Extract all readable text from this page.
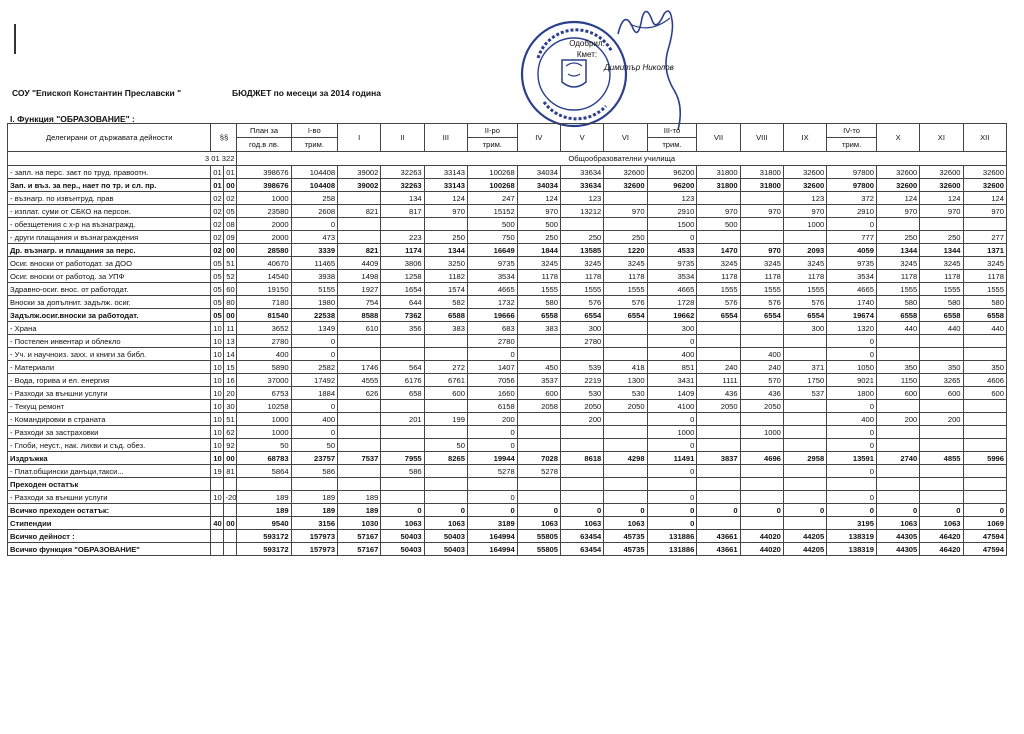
Одобрил:
Кмет:
Димитър Николов
СОУ "Епископ Константин Преславски "	БЮДЖЕТ по месеци за 2014 година
I. Функция "ОБРАЗОВАНИЕ" :
Делегирани от държавата дейности	§§		План за	I-во	I	II	III	II-ро	IV	V	VI	III-то	VII	VIII	IX	IV-то	X	XI	XII
			год.в лв.	трим.				трим.				трим.				трим.			
3 01 322			Общообразователни училища																
- запл. на перс. заєт по труд. правоотн.	01	01	398676	104408	39002	32263	33143	100268	34034	33634	32600	96200	31800	31800	32600	97800	32600	32600	32600
Зап. и въз. за пер., нает по тр. и сл. пр.	01	00	398676	104408	39002	32263	33143	100268	34034	33634	32600	96200	31800	31800	32600	97800	32600	32600	32600
- възнагр. по извънтруд. прав	02	02	1000	258		134	124	247	124	123		123			123	372	124	124	124
- изплат. суми от СБКО на персон.	02	05	23580	2608	821	817	970	15152	970	13212	970	2910	970	970	970	2910	970	970	970
- обезщетения с х-р на възнагражд.	02	08	2000	0				500	500			1500	500		1000	0			
- други плащания и възнаграждения	02	09	2000	473		223	250	750	250	250	250	0				777	250	250	277
Др. възнагр. и плащания за перс.	02	00	28580	3339	821	1174	1344	16649	1844	13585	1220	4533	1470	970	2093	4059	1344	1344	1371
Осиг. вноски от работодат. за ДОО	05	51	40670	11465	4409	3806	3250	9735	3245	3245	3245	9735	3245	3245	3245	9735	3245	3245	3245
Осиг. вноски от работод. за УПФ	05	52	14540	3938	1498	1258	1182	3534	1178	1178	1178	3534	1178	1178	1178	3534	1178	1178	1178
Здравно-осиг. внос. от работодат.	05	60	19150	5155	1927	1654	1574	4665	1555	1555	1555	4665	1555	1555	1555	4665	1555	1555	1555
Вноски за допълнит. задълж. осиг.	05	80	7180	1980	754	644	582	1732	580	576	576	1728	576	576	576	1740	580	580	580
Задълж.осиг.вноски за работодат.	05	00	81540	22538	8588	7362	6588	19666	6558	6554	6554	19662	6554	6554	6554	19674	6558	6558	6558
- Храна	10	11	3652	1349	610	356	383	683	383	300		300			300	1320	440	440	440
- Постелен инвентар и облекло	10	13	2780	0				2780		2780		0				0			
- Уч. и научноиз. захх. и книги за библ.	10	14	400	0				0				400		400		0			
- Материали	10	15	5890	2582	1746	564	272	1407	450	539	418	851	240	240	371	1050	350	350	350
- Вода, горива и ел. енергия	10	16	37000	17492	4555	6176	6761	7056	3537	2219	1300	3431	1111	570	1750	9021	1150	3265	4606
- Разходи за външни услуги	10	20	6753	1884	626	658	600	1660	600	530	530	1409	436	436	537	1800	600	600	600
- Текущ ремонт	10	30	10258	0				6158	2058	2050	2050	4100	2050	2050		0			
- Командировки в страната	10	51	1000	400		201	199	200		200		0				400	200	200	
- Разходи за застраховки	10	62	1000	0				0				1000		1000		0			
- Глоби, неуст., нак. лихви и съд. обез.	10	92	50	50			50	0				0				0			
Издръжка	10	00	68783	23757	7537	7955	8265	19944	7028	8618	4298	11491	3837	4696	2958	13591	2740	4855	5996
- Плат.общински данъци,такси...	19	81	5864	586		586		5278	5278			0				0			
Преходен остатък																			
- Разходи за външни услуги	10	-20	189	189	189			0				0				0			
Всичко преходен остатък:			189	189	189	0	0	0	0	0	0	0	0	0	0	0	0	0	0
Стипендии	40	00	9540	3156	1030	1063	1063	3189	1063	1063	1063	0				3195	1063	1063	1069
Всичко дейност :			593172	157973	57167	50403	50403	164994	55805	63454	45735	131886	43661	44020	44205	138319	44305	46420	47594
Всичко функция "ОБРАЗОВАНИЕ"			593172	157973	57167	50403	50403	164994	55805	63454	45735	131886	43661	44020	44205	138319	44305	46420	47594
